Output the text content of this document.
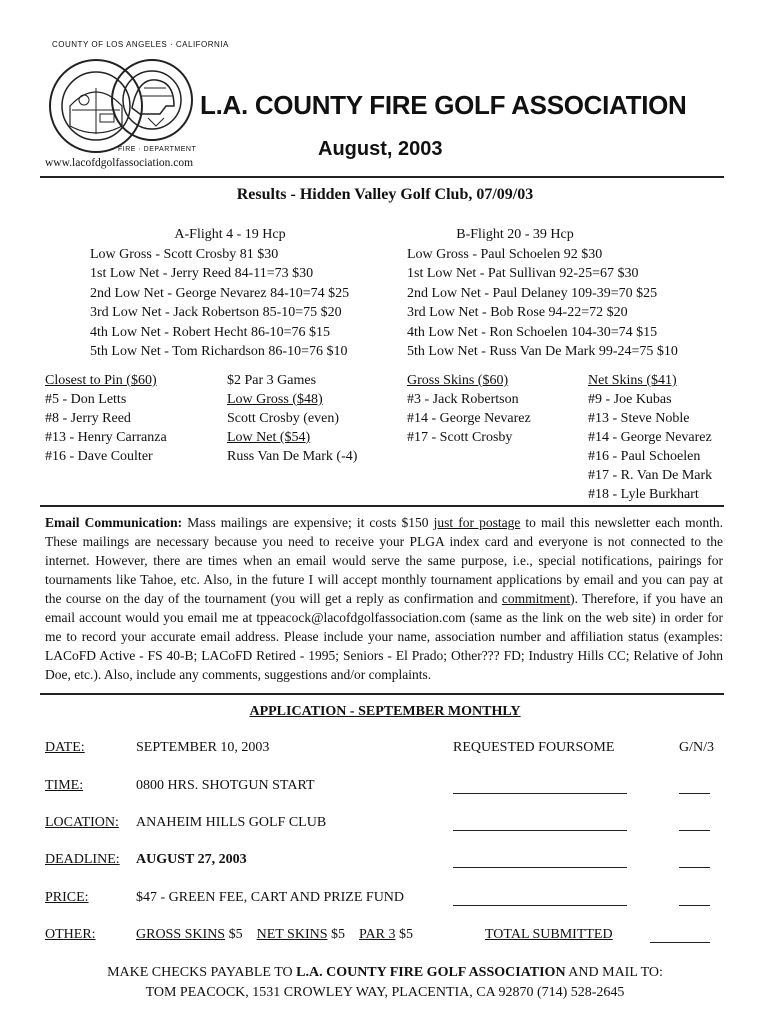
COUNTY OF LOS ANGELES · CALIFORNIA
FIRE · DEPARTMENT
L.A. COUNTY FIRE GOLF ASSOCIATION
August, 2003
www.lacofdgolfassociation.com
Results - Hidden Valley Golf Club, 07/09/03
A-Flight 4 - 19 Hcp
Low Gross - Scott Crosby 81 $30
1st Low Net - Jerry Reed 84-11=73 $30
2nd Low Net - George Nevarez 84-10=74 $25
3rd Low Net - Jack Robertson 85-10=75 $20
4th Low Net - Robert Hecht 86-10=76 $15
5th Low Net - Tom Richardson 86-10=76 $10
B-Flight 20 - 39 Hcp
Low Gross - Paul Schoelen 92 $30
1st Low Net - Pat Sullivan 92-25=67 $30
2nd Low Net - Paul Delaney 109-39=70 $25
3rd Low Net - Bob Rose 94-22=72 $20
4th Low Net - Ron Schoelen 104-30=74 $15
5th Low Net - Russ Van De Mark 99-24=75 $10
Closest to Pin ($60)
#5 - Don Letts
#8 - Jerry Reed
#13 - Henry Carranza
#16 - Dave Coulter
$2 Par 3 Games
Low Gross ($48)
Scott Crosby (even)
Low Net ($54)
Russ Van De Mark (-4)
Gross Skins ($60)
#3 - Jack Robertson
#14 - George Nevarez
#17 - Scott Crosby
Net Skins ($41)
#9 - Joe Kubas
#13 - Steve Noble
#14 - George Nevarez
#16 - Paul Schoelen
#17 - R. Van De Mark
#18 - Lyle Burkhart
Email Communication: Mass mailings are expensive; it costs $150 just for postage to mail this newsletter each month. These mailings are necessary because you need to receive your PLGA index card and everyone is not connected to the internet. However, there are times when an email would serve the same purpose, i.e., special notifications, pairings for tournaments like Tahoe, etc. Also, in the future I will accept monthly tournament applications by email and you can pay at the course on the day of the tournament (you will get a reply as confirmation and commitment). Therefore, if you have an email account would you email me at tppeacock@lacofdgolfassociation.com (same as the link on the web site) in order for me to record your accurate email address. Please include your name, association number and affiliation status (examples: LACoFD Active - FS 40-B; LACoFD Retired - 1995; Seniors - El Prado; Other??? FD; Industry Hills CC; Relative of John Doe, etc.). Also, include any comments, suggestions and/or complaints.
APPLICATION - SEPTEMBER MONTHLY
DATE:	SEPTEMBER 10, 2003	REQUESTED FOURSOME	G/N/3
TIME:	0800 HRS. SHOTGUN START
LOCATION: ANAHEIM HILLS GOLF CLUB
DEADLINE: AUGUST 27, 2003
PRICE:	$47 - GREEN FEE, CART AND PRIZE FUND
OTHER:	GROSS SKINS $5 NET SKINS $5 PAR 3 $5	TOTAL SUBMITTED
MAKE CHECKS PAYABLE TO L.A. COUNTY FIRE GOLF ASSOCIATION AND MAIL TO:
TOM PEACOCK, 1531 CROWLEY WAY, PLACENTIA, CA 92870 (714) 528-2645
